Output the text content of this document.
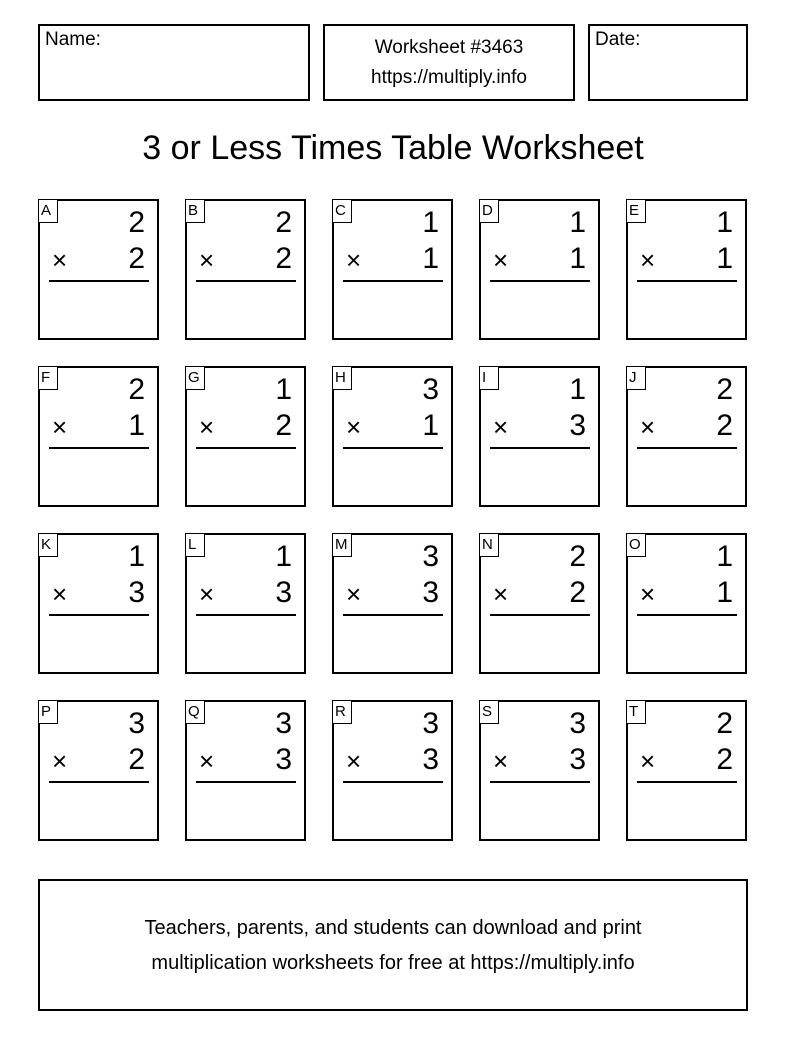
Name:	Worksheet #3463
https://multiply.info
Date:
3 or Less Times Table Worksheet
A	2
× 2
B	2
× 2
C	1
× 1
D	1
× 1
E	1
× 1
F	2
× 1
G	1
× 2
H	3
× 1
I	1
× 3
J	2
× 2
K	1
× 3
L	1
× 3
M 3
× 3
N	2
× 2
O	1
× 1
P	3
× 2
Q	3
× 3
R	3
× 3
S	3
× 3
T	2
× 2
Teachers, parents, and students can download and print
multiplication worksheets for free at https://multiply.info
